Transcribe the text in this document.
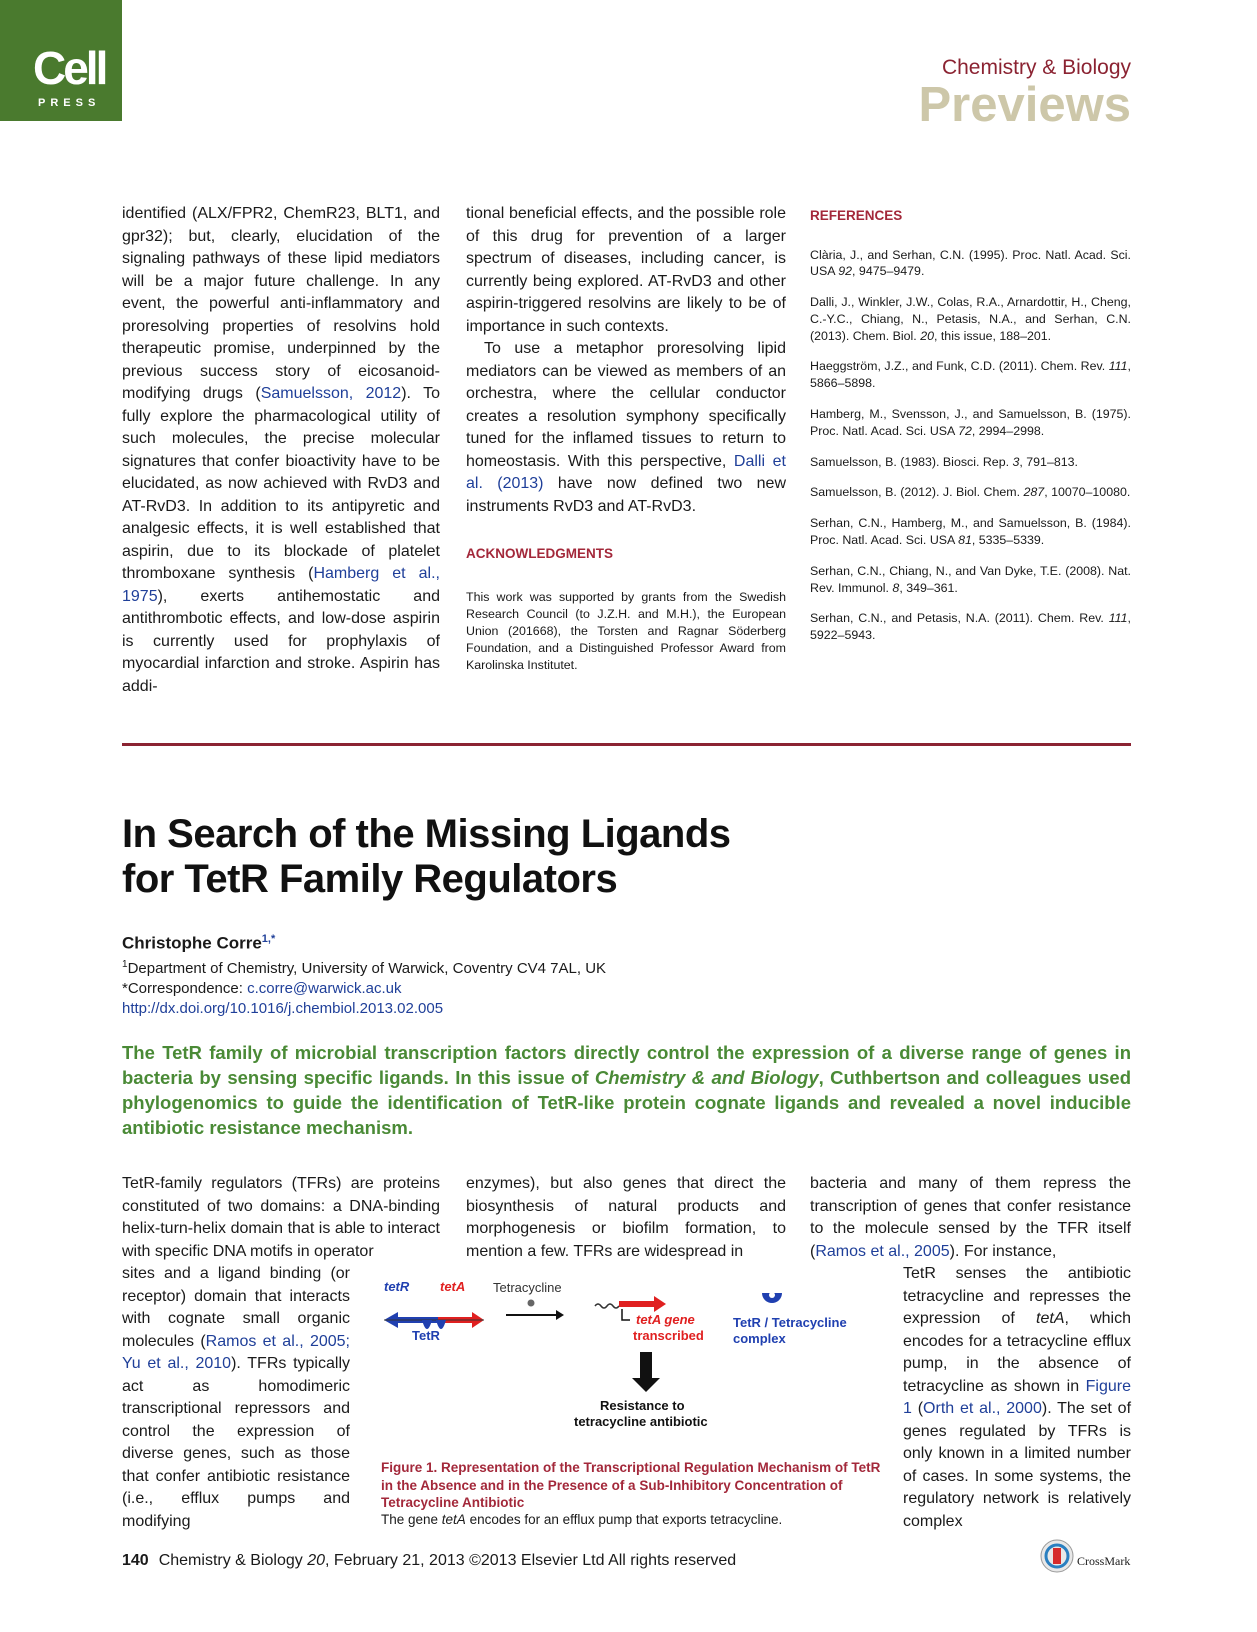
Cell
PRESS
Chemistry & Biology
Previews

identified (ALX/FPR2, ChemR23, BLT1, and gpr32); but, clearly, elucidation of the signaling pathways of these lipid mediators will be a major future challenge. In any event, the powerful anti-inflammatory and proresolving properties of resolvins hold therapeutic promise, underpinned by the previous success story of eicosanoid-modifying drugs (Samuelsson, 2012). To fully explore the pharmacological utility of such molecules, the precise molecular signatures that confer bioactivity have to be elucidated, as now achieved with RvD3 and AT-RvD3. In addition to its antipyretic and analgesic effects, it is well established that aspirin, due to its blockade of platelet thromboxane synthesis (Hamberg et al., 1975), exerts antihemostatic and antithrombotic effects, and low-dose aspirin is currently used for prophylaxis of myocardial infarction and stroke. Aspirin has addi-

tional beneficial effects, and the possible role of this drug for prevention of a larger spectrum of diseases, including cancer, is currently being explored. AT-RvD3 and other aspirin-triggered resolvins are likely to be of importance in such contexts.

To use a metaphor proresolving lipid mediators can be viewed as members of an orchestra, where the cellular conductor creates a resolution symphony specifically tuned for the inflamed tissues to return to homeostasis. With this perspective, Dalli et al. (2013) have now defined two new instruments RvD3 and AT-RvD3.

ACKNOWLEDGMENTS
This work was supported by grants from the Swedish Research Council (to J.Z.H. and M.H.), the European Union (201668), the Torsten and Ragnar Söderberg Foundation, and a Distinguished Professor Award from Karolinska Institutet.
REFERENCES
Clària, J., and Serhan, C.N. (1995). Proc. Natl. Acad. Sci. USA 92, 9475–9479.
Dalli, J., Winkler, J.W., Colas, R.A., Arnardottir, H., Cheng, C.-Y.C., Chiang, N., Petasis, N.A., and Serhan, C.N. (2013). Chem. Biol. 20, this issue, 188–201.
Haeggström, J.Z., and Funk, C.D. (2011). Chem. Rev. 111, 5866–5898.
Hamberg, M., Svensson, J., and Samuelsson, B. (1975). Proc. Natl. Acad. Sci. USA 72, 2994–2998.
Samuelsson, B. (1983). Biosci. Rep. 3, 791–813.
Samuelsson, B. (2012). J. Biol. Chem. 287, 10070–10080.
Serhan, C.N., Hamberg, M., and Samuelsson, B. (1984). Proc. Natl. Acad. Sci. USA 81, 5335–5339.
Serhan, C.N., Chiang, N., and Van Dyke, T.E. (2008). Nat. Rev. Immunol. 8, 349–361.
Serhan, C.N., and Petasis, N.A. (2011). Chem. Rev. 111, 5922–5943.
In Search of the Missing Ligands
for TetR Family Regulators
Christophe Corre$^{1,*}$
$^1$Department of Chemistry, University of Warwick, Coventry CV4 7AL, UK
*Correspondence: c.corre@warwick.ac.uk
http://dx.doi.org/10.1016/j.chembiol.2013.02.005

The TetR family of microbial transcription factors directly control the expression of a diverse range of genes in bacteria by sensing specific ligands. In this issue of Chemistry & and Biology, Cuthbertson and colleagues used phylogenomics to guide the identification of TetR-like protein cognate ligands and revealed a novel inducible antibiotic resistance mechanism.

TetR-family regulators (TFRs) are proteins constituted of two domains: a DNA-binding helix-turn-helix domain that is able to interact with specific DNA motifs in operator

sites and a ligand binding (or receptor) domain that interacts with cognate small organic molecules (Ramos et al., 2005; Yu et al., 2010). TFRs typically act as homodimeric transcriptional repressors and control the expression of diverse genes, such as those that confer antibiotic resistance (i.e., efflux pumps and modifying

enzymes), but also genes that direct the biosynthesis of natural products and morphogenesis or biofilm formation, to mention a few. TFRs are widespread in

bacteria and many of them repress the transcription of genes that confer resistance to the molecule sensed by the TFR itself (Ramos et al., 2005). For instance,

TetR senses the antibiotic tetracycline and represses the expression of tetA, which encodes for a tetracycline efflux pump, in the absence of tetracycline as shown in Figure 1 (Orth et al., 2000). The set of genes regulated by TFRs is only known in a limited number of cases. In some systems, the regulatory network is relatively complex

tetR tetA
TetR
Tetracycline
tetA gene
transcribed
Resistance to
tetracycline antibiotic
TetR / Tetracycline
complex

Figure 1. Representation of the Transcriptional Regulation Mechanism of TetR in the Absence and in the Presence of a Sub-Inhibitory Concentration of Tetracycline Antibiotic

The gene tetA encodes for an efflux pump that exports tetracycline.

140 Chemistry & Biology 20, February 21, 2013 ©2013 Elsevier Ltd All rights reserved	CrossMark
